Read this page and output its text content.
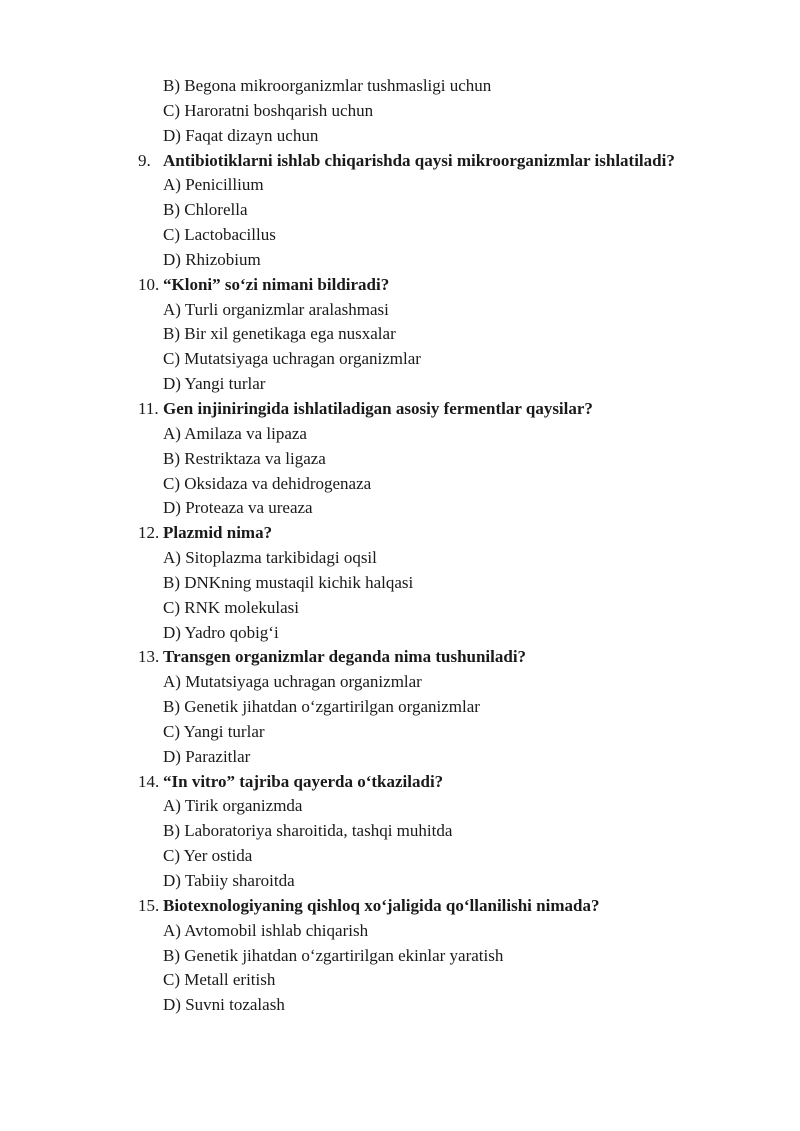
B) Begona mikroorganizmlar tushmasligi uchun
C) Haroratni boshqarish uchun
D) Faqat dizayn uchun
9. Antibiotiklarni ishlab chiqarishda qaysi mikroorganizmlar ishlatiladi?
A) Penicillium
B) Chlorella
C) Lactobacillus
D) Rhizobium
10. “Kloni” so‘zi nimani bildiradi?
A) Turli organizmlar aralashmasi
B) Bir xil genetikaga ega nusxalar
C) Mutatsiyaga uchragan organizmlar
D) Yangi turlar
11. Gen injiniringida ishlatiladigan asosiy fermentlar qaysilar?
A) Amilaza va lipaza
B) Restriktaza va ligaza
C) Oksidaza va dehidrogenaza
D) Proteaza va ureaza
12. Plazmid nima?
A) Sitoplazma tarkibidagi oqsil
B) DNKning mustaqil kichik halqasi
C) RNK molekulasi
D) Yadro qobig‘i
13. Transgen organizmlar deganda nima tushuniladi?
A) Mutatsiyaga uchragan organizmlar
B) Genetik jihatdan o‘zgartirilgan organizmlar
C) Yangi turlar
D) Parazitlar
14. “In vitro” tajriba qayerda o‘tkaziladi?
A) Tirik organizmda
B) Laboratoriya sharoitida, tashqi muhitda
C) Yer ostida
D) Tabiiy sharoitda
15. Biotexnologiyaning qishloq xo‘jaligida qo‘llanilishi nimada?
A) Avtomobil ishlab chiqarish
B) Genetik jihatdan o‘zgartirilgan ekinlar yaratish
C) Metall eritish
D) Suvni tozalash
